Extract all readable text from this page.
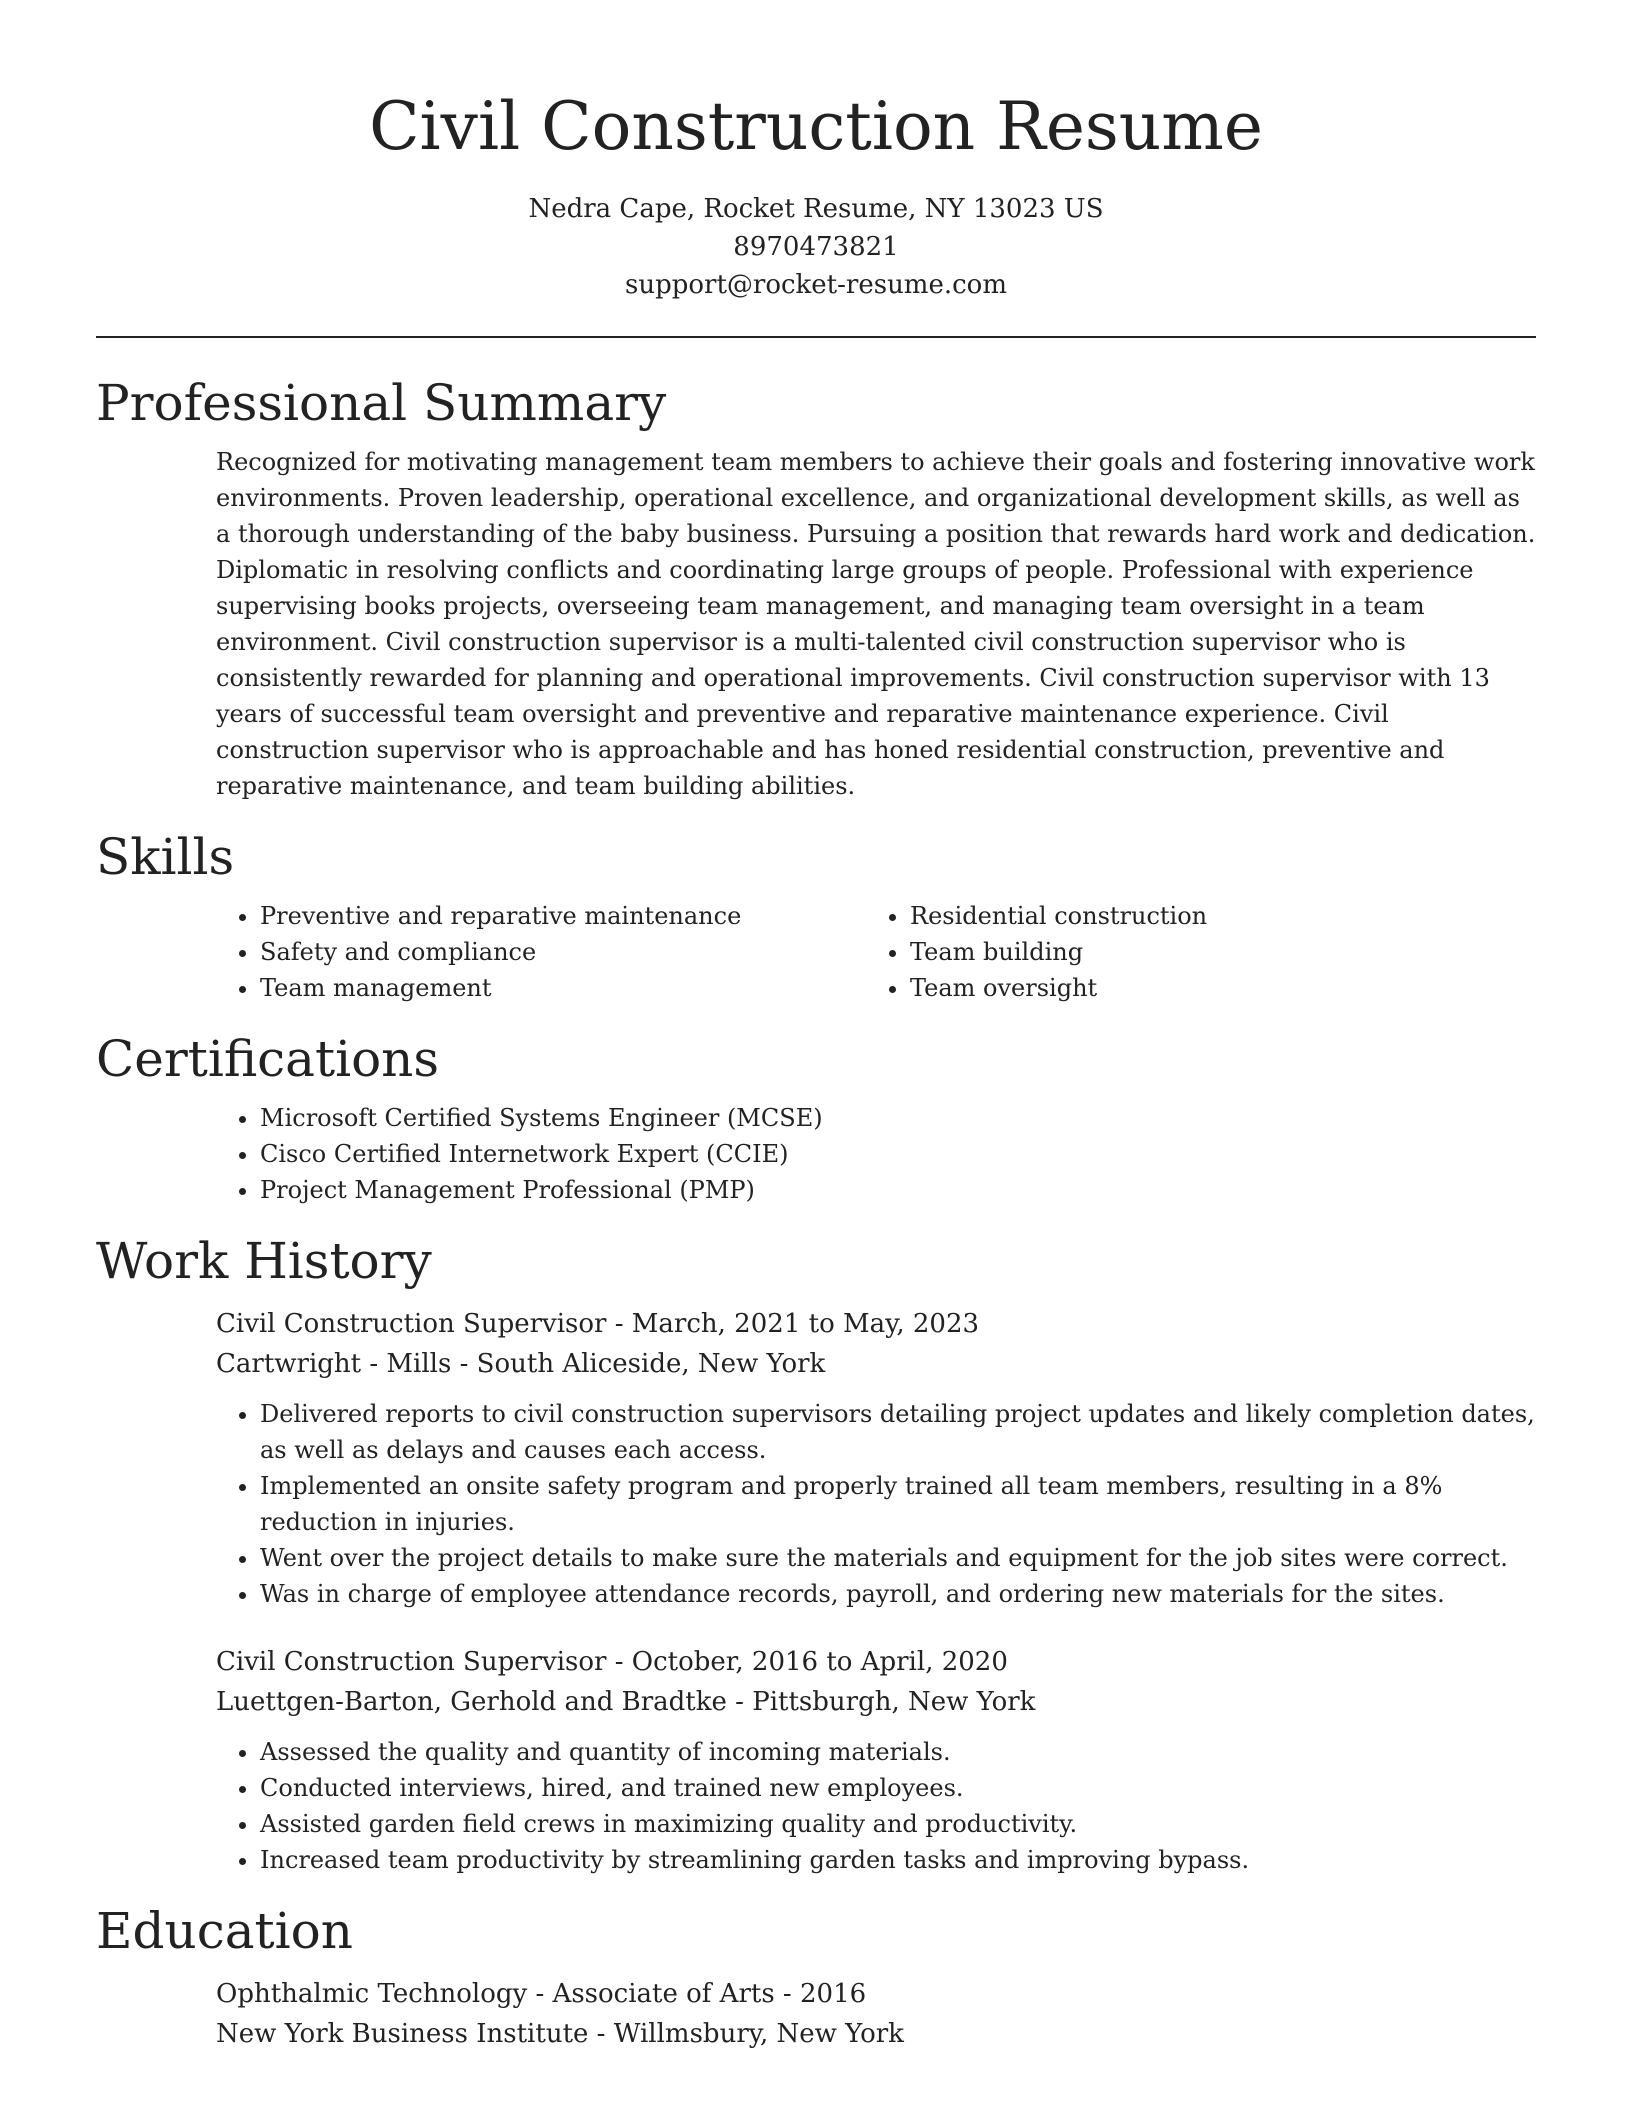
Civil Construction Resume
Nedra Cape, Rocket Resume, NY 13023 US
8970473821
support@rocket-resume.com
Professional Summary

Recognized for motivating management team members to achieve their goals and fostering innovative work environments. Proven leadership, operational excellence, and organizational development skills, as well as a thorough understanding of the baby business. Pursuing a position that rewards hard work and dedication. Diplomatic in resolving conflicts and coordinating large groups of people. Professional with experience supervising books projects, overseeing team management, and managing team oversight in a team environment. Civil construction supervisor is a multi-talented civil construction supervisor who is consistently rewarded for planning and operational improvements. Civil construction supervisor with 13 years of successful team oversight and preventive and reparative maintenance experience. Civil construction supervisor who is approachable and has honed residential construction, preventive and reparative maintenance, and team building abilities.

Skills
• Preventive and reparative maintenance
• Safety and compliance
• Team management
• Residential construction
• Team building
• Team oversight
Certifications
• Microsoft Certified Systems Engineer (MCSE)
• Cisco Certified Internetwork Expert (CCIE)
• Project Management Professional (PMP)
Work History
Civil Construction Supervisor - March, 2021 to May, 2023
Cartwright - Mills - South Aliceside, New York
• Delivered reports to civil construction supervisors detailing project updates and likely completion dates, as well as delays and causes each access.
• Implemented an onsite safety program and properly trained all team members, resulting in a 8% reduction in injuries.
• Went over the project details to make sure the materials and equipment for the job sites were correct.
• Was in charge of employee attendance records, payroll, and ordering new materials for the sites.
Civil Construction Supervisor - October, 2016 to April, 2020
Luettgen-Barton, Gerhold and Bradtke - Pittsburgh, New York
• Assessed the quality and quantity of incoming materials.
• Conducted interviews, hired, and trained new employees.
• Assisted garden field crews in maximizing quality and productivity.
• Increased team productivity by streamlining garden tasks and improving bypass.
Education
Ophthalmic Technology - Associate of Arts - 2016
New York Business Institute - Willmsbury, New York
